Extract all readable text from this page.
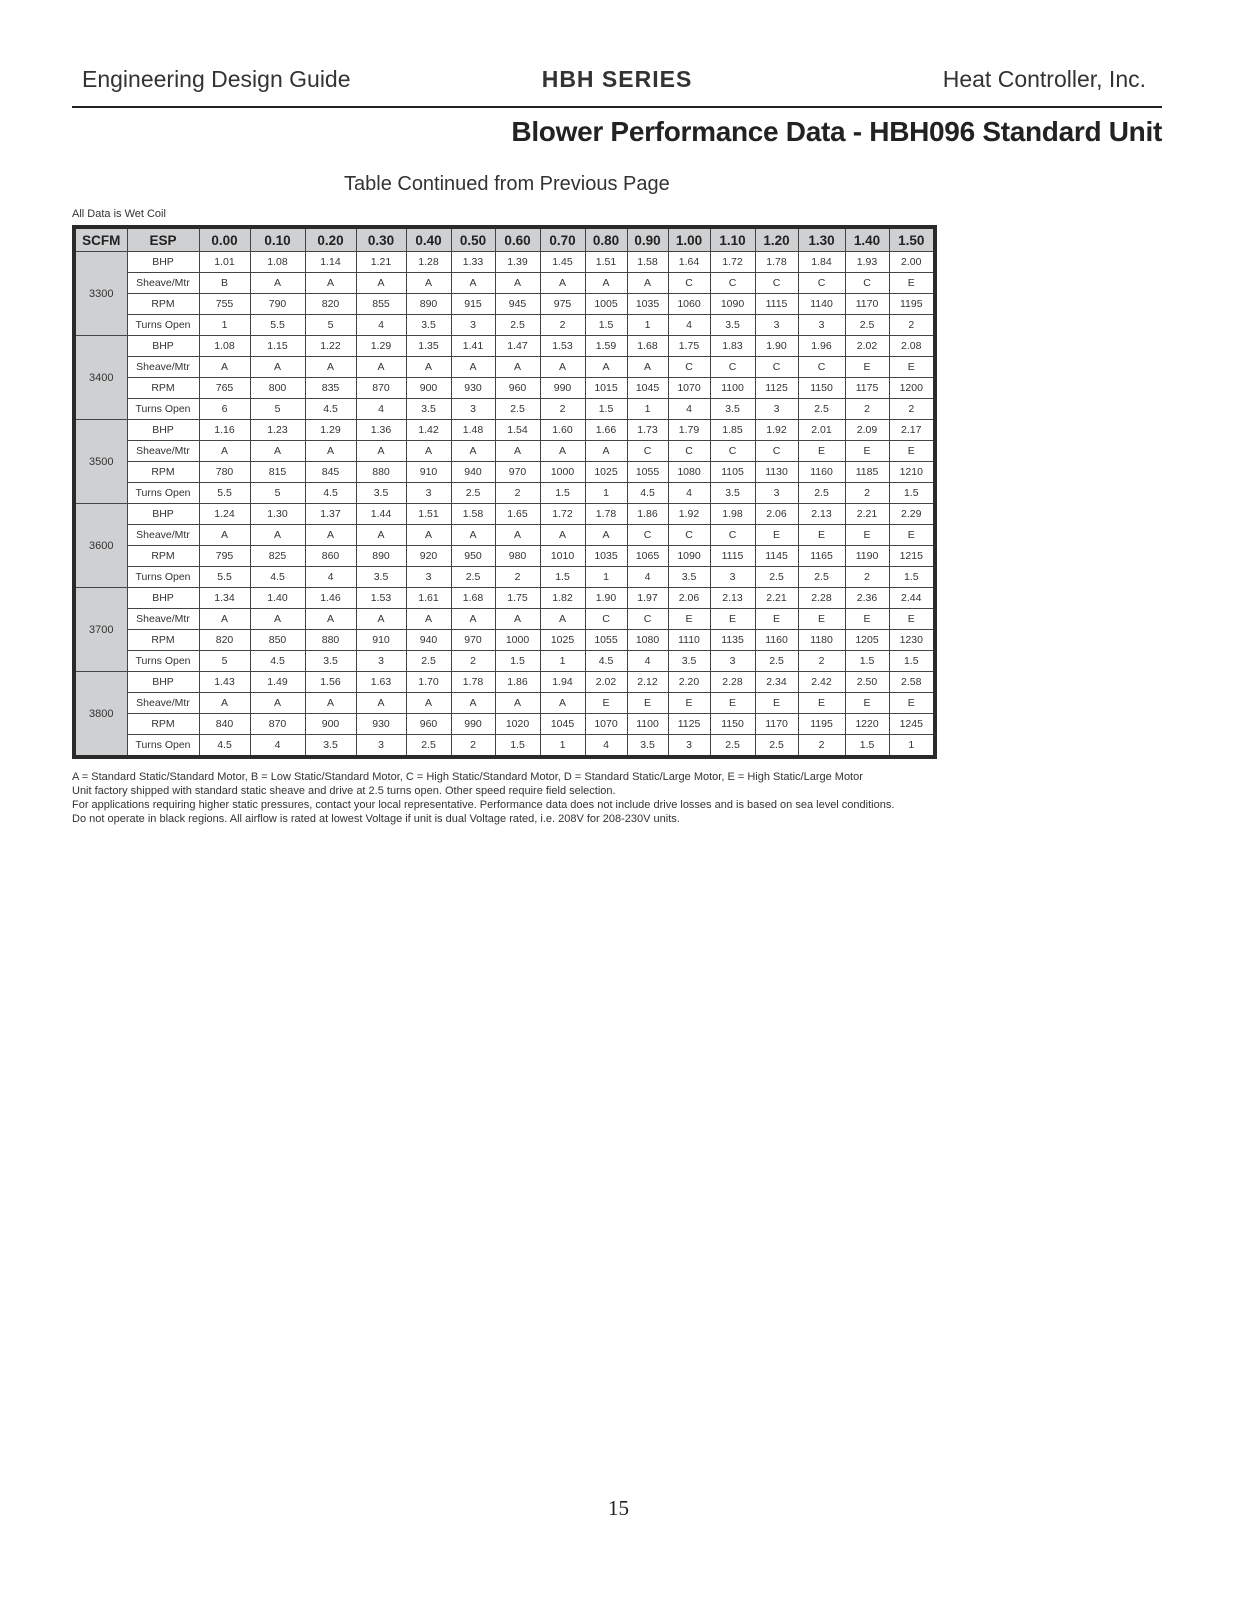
Engineering Design Guide	HBH SERIES	Heat Controller, Inc.
Blower Performance Data - HBH096 Standard Unit
Table Continued from Previous Page
All Data is Wet Coil
SCFM	ESP	0.00	0.10	0.20	0.30	0.40	0.50	0.60	0.70	0.80	0.90	1.00	1.10	1.20	1.30	1.40	1.50
3300	BHP	1.01	1.08	1.14	1.21	1.28	1.33	1.39	1.45	1.51	1.58	1.64	1.72	1.78	1.84	1.93	2.00
	Sheave/Mtr	B	A	A	A	A	A	A	A	A	A	C	C	C	C	C	E
	RPM	755	790	820	855	890	915	945	975	1005	1035	1060	1090	1115	1140	1170	1195
	Turns Open	1	5.5	5	4	3.5	3	2.5	2	1.5	1	4	3.5	3	3	2.5	2
3400	BHP	1.08	1.15	1.22	1.29	1.35	1.41	1.47	1.53	1.59	1.68	1.75	1.83	1.90	1.96	2.02	2.08
	Sheave/Mtr	A	A	A	A	A	A	A	A	A	A	C	C	C	C	E	E
	RPM	765	800	835	870	900	930	960	990	1015	1045	1070	1100	1125	1150	1175	1200
	Turns Open	6	5	4.5	4	3.5	3	2.5	2	1.5	1	4	3.5	3	2.5	2	2
3500	BHP	1.16	1.23	1.29	1.36	1.42	1.48	1.54	1.60	1.66	1.73	1.79	1.85	1.92	2.01	2.09	2.17
	Sheave/Mtr	A	A	A	A	A	A	A	A	A	C	C	C	C	E	E	E
	RPM	780	815	845	880	910	940	970	1000	1025	1055	1080	1105	1130	1160	1185	1210
	Turns Open	5.5	5	4.5	3.5	3	2.5	2	1.5	1	4.5	4	3.5	3	2.5	2	1.5
3600	BHP	1.24	1.30	1.37	1.44	1.51	1.58	1.65	1.72	1.78	1.86	1.92	1.98	2.06	2.13	2.21	2.29
	Sheave/Mtr	A	A	A	A	A	A	A	A	A	C	C	C	E	E	E	E
	RPM	795	825	860	890	920	950	980	1010	1035	1065	1090	1115	1145	1165	1190	1215
	Turns Open	5.5	4.5	4	3.5	3	2.5	2	1.5	1	4	3.5	3	2.5	2.5	2	1.5
3700	BHP	1.34	1.40	1.46	1.53	1.61	1.68	1.75	1.82	1.90	1.97	2.06	2.13	2.21	2.28	2.36	2.44
	Sheave/Mtr	A	A	A	A	A	A	A	A	C	C	E	E	E	E	E	E
	RPM	820	850	880	910	940	970	1000	1025	1055	1080	1110	1135	1160	1180	1205	1230
	Turns Open	5	4.5	3.5	3	2.5	2	1.5	1	4.5	4	3.5	3	2.5	2	1.5	1.5
3800	BHP	1.43	1.49	1.56	1.63	1.70	1.78	1.86	1.94	2.02	2.12	2.20	2.28	2.34	2.42	2.50	2.58
	Sheave/Mtr	A	A	A	A	A	A	A	A	E	E	E	E	E	E	E	E
	RPM	840	870	900	930	960	990	1020	1045	1070	1100	1125	1150	1170	1195	1220	1245
	Turns Open	4.5	4	3.5	3	2.5	2	1.5	1	4	3.5	3	2.5	2.5	2	1.5	1
A = Standard Static/Standard Motor, B = Low Static/Standard Motor, C = High Static/Standard Motor, D = Standard Static/Large Motor, E = High Static/Large Motor
Unit factory shipped with standard static sheave and drive at 2.5 turns open. Other speed require field selection.
For applications requiring higher static pressures, contact your local representative. Performance data does not include drive losses and is based on sea level conditions.
Do not operate in black regions. All airflow is rated at lowest Voltage if unit is dual Voltage rated, i.e. 208V for 208-230V units.
15
